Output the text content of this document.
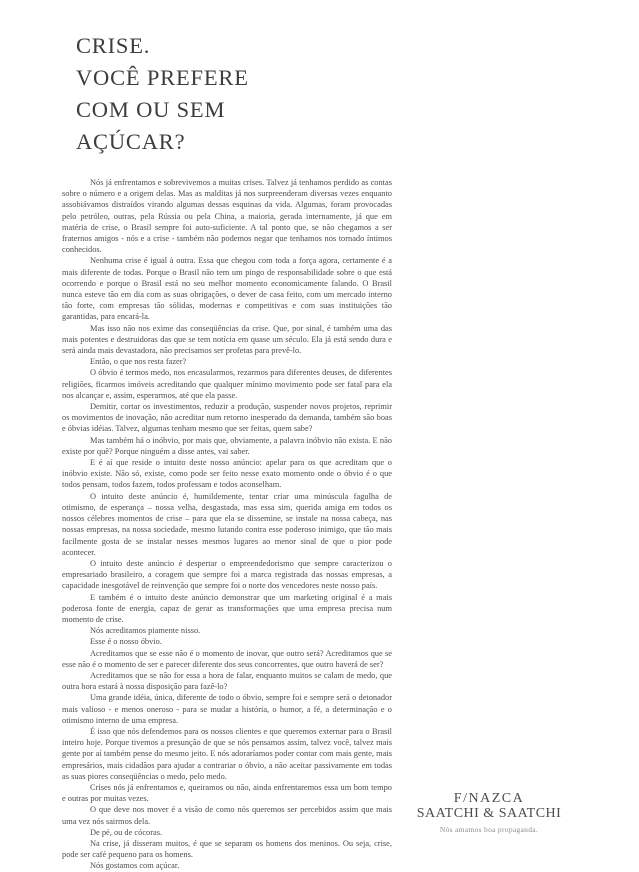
CRISE.
VOCÊ PREFERE
COM OU SEM
AÇÚCAR?

Nós já enfrentamos e sobrevivemos a muitas crises. Talvez já tenhamos perdido as contas sobre o número e a origem delas. Mas as malditas já nos surpreenderam diversas vezes enquanto assobiávamos distraídos virando algumas dessas esquinas da vida. Algumas, foram provocadas pelo petróleo, outras, pela Rússia ou pela China, a maioria, gerada internamente, já que em matéria de crise, o Brasil sempre foi auto-suficiente. A tal ponto que, se não chegamos a ser fraternos amigos - nós e a crise - também não podemos negar que tenhamos nos tornado íntimos conhecidos.

Nenhuma crise é igual à outra. Essa que chegou com toda a força agora, certamente é a mais diferente de todas. Porque o Brasil não tem um pingo de responsabilidade sobre o que está ocorrendo e porque o Brasil está no seu melhor momento economicamente falando. O Brasil nunca esteve tão em dia com as suas obrigações, o dever de casa feito, com um mercado interno tão forte, com empresas tão sólidas, modernas e competitivas e com suas instituições tão garantidas, para encará-la.

Mas isso não nos exime das conseqüências da crise. Que, por sinal, é também uma das mais potentes e destruidoras das que se tem notícia em quase um século. Ela já está sendo dura e será ainda mais devastadora, não precisamos ser profetas para prevê-lo.

Então, o que nos resta fazer?

O óbvio é termos medo, nos encasularmos, rezarmos para diferentes deuses, de diferentes religiões, ficarmos imóveis acreditando que qualquer mínimo movimento pode ser fatal para ela nos alcançar e, assim, esperarmos, até que ela passe.

Demitir, cortar os investimentos, reduzir a produção, suspender novos projetos, reprimir os movimentos de inovação, não acreditar num retorno inesperado da demanda, também são boas e óbvias idéias. Talvez, algumas tenham mesmo que ser feitas, quem sabe?

Mas também há o inóbvio, por mais que, obviamente, a palavra inóbvio não exista. E não existe por quê? Porque ninguém a disse antes, vai saber.

E é aí que reside o intuito deste nosso anúncio: apelar para os que acreditam que o inóbvio existe. Não só, existe, como pode ser feito nesse exato momento onde o óbvio é o que todos pensam, todos fazem, todos professam e todos aconselham.

O intuito deste anúncio é, humildemente, tentar criar uma minúscula fagulha de otimismo, de esperança – nossa velha, desgastada, mas essa sim, querida amiga em todos os nossos célebres momentos de crise – para que ela se dissemine, se instale na nossa cabeça, nas nossas empresas, na nossa sociedade, mesmo lutando contra esse poderoso inimigo, que tão mais facilmente gosta de se instalar nesses mesmos lugares ao menor sinal de que o pior pode acontecer.

O intuito deste anúncio é despertar o empreendedorismo que sempre caracterizou o empresariado brasileiro, a coragem que sempre foi a marca registrada das nossas empresas, a capacidade inesgotável de reinvenção que sempre foi o norte dos vencedores neste nosso país.

E também é o intuito deste anúncio demonstrar que um marketing original é a mais poderosa fonte de energia, capaz de gerar as transformações que uma empresa precisa num momento de crise.

Nós acreditamos piamente nisso.

Esse é o nosso óbvio.

Acreditamos que se esse não é o momento de inovar, que outro será? Acreditamos que se esse não é o momento de ser e parecer diferente dos seus concorrentes, que outro haverá de ser?

Acreditamos que se não for essa a hora de falar, enquanto muitos se calam de medo, que outra hora estará à nossa disposição para fazê-lo?

Uma grande idéia, única, diferente de todo o óbvio, sempre foi e sempre será o detonador mais valioso - e menos oneroso - para se mudar a história, o humor, a fé, a determinação e o otimismo interno de uma empresa.

É isso que nós defendemos para os nossos clientes e que queremos externar para o Brasil inteiro hoje. Porque tivemos a presunção de que se nós pensamos assim, talvez você, talvez mais gente por aí também pense do mesmo jeito. E nós adoraríamos poder contar com mais gente, mais empresários, mais cidadãos para ajudar a contrariar o óbvio, a não aceitar passivamente em todas as suas piores conseqüências o medo, pelo medo.

Crises nós já enfrentamos e, queiramos ou não, ainda enfrentaremos essa um bom tempo e outras por muitas vezes.

O que deve nos mover é a visão de como nós queremos ser percebidos assim que mais uma vez nós sairmos dela.

De pé, ou de cócoras.

Na crise, já disseram muitos, é que se separam os homens dos meninos. Ou seja, crise, pode ser café pequeno para os homens.

Nós gostamos com açúcar.

F/NAZCA
SAATCHI & SAATCHI
Nós amamos boa propaganda.
